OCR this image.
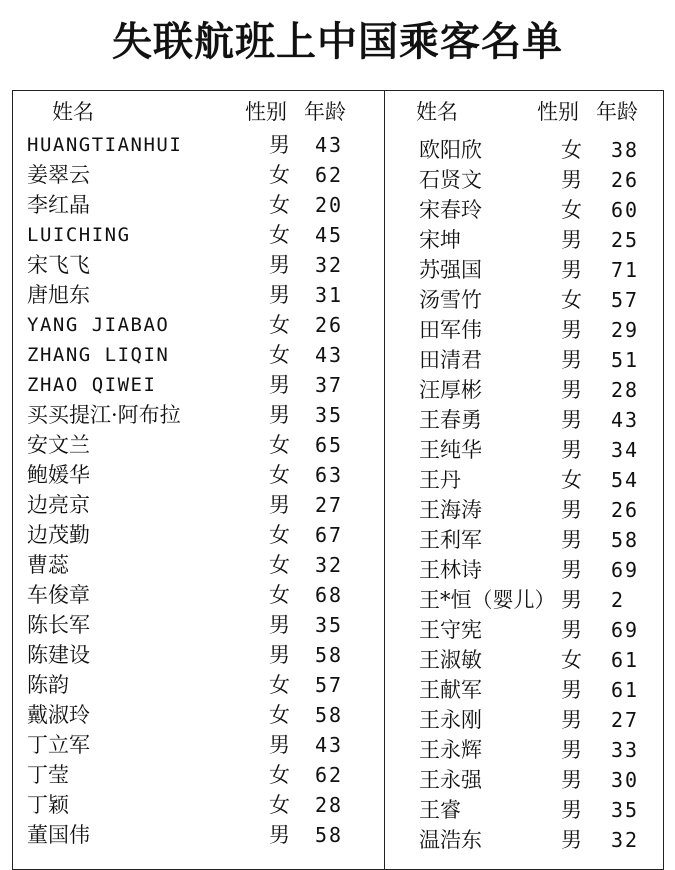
失联航班上中国乘客名单
姓名	性别 年龄	姓名	性别 年龄
HUANGTIANHUI	男 43
姜翠云	女 62
李红晶	女 20
LUICHING	女 45
宋飞飞	男 32
唐旭东	男 31
YANG JIABAO	女 26
ZHANG LIQIN	女 43
ZHAO QIWEI	男 37
买买提江·阿布拉	男 35
安文兰	女 65
鲍媛华	女 63
边亮京	男 27
边茂勤	女 67
曹蕊	女 32
车俊章	女 68
陈长军	男 35
陈建设	男 58
陈韵	女 57
戴淑玲	女 58
丁立军	男 43
丁莹	女 62
丁颖	女 28
董国伟	男 58
欧阳欣	女 38
石贤文	男 26
宋春玲	女 60
宋坤	男 25
苏强国	男 71
汤雪竹	女 57
田军伟	男 29
田清君	男 51
汪厚彬	男 28
王春勇	男 43
王纯华	男 34
王丹	女 54
王海涛	男 26
王利军	男 58
王林诗	男 69
王*恒（婴儿） 男 2
王守宪	男 69
王淑敏	女 61
王献军	男 61
王永刚	男 27
王永辉	男 33
王永强	男 30
王睿	男 35
温浩东	男 32
